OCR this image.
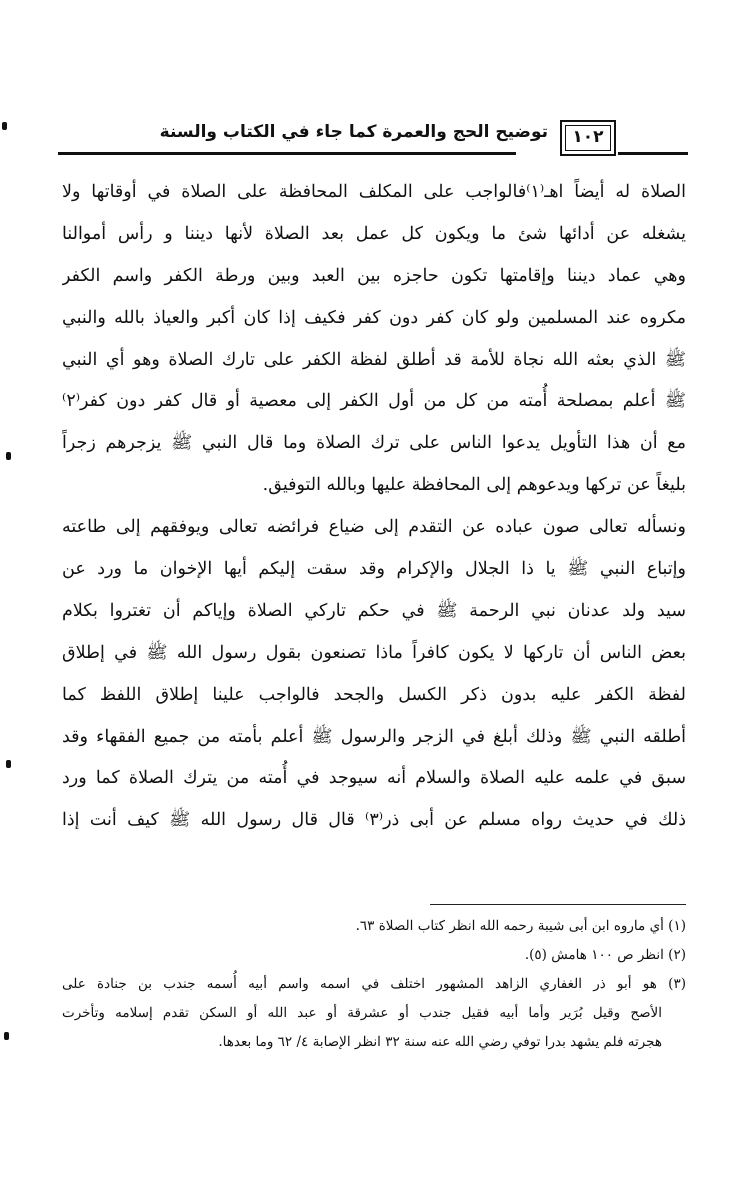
توضيح الحج والعمرة كما جاء في الكتاب والسنة	١٠٢
الصلاة له أيضاً اهـ⁽١⁾فالواجب على المكلف المحافظة على الصلاة في أوقاتها ولا
يشغله عن أدائها شئ ما ويكون كل عمل بعد الصلاة لأنها ديننا و رأس أموالنا
وهي عماد ديننا وإقامتها تكون حاجزه بين العبد وبين ورطة الكفر واسم الكفر
مكروه عند المسلمين ولو كان كفر دون كفر فكيف إذا كان أكبر والعياذ بالله والنبي
ﷺ الذي بعثه الله نجاة للأمة قد أطلق لفظة الكفر على تارك الصلاة وهو أي النبي
ﷺ أعلم بمصلحة أُمته من كل من أول الكفر إلى معصية أو قال كفر دون كفر⁽٢⁾
مع أن هذا التأويل يدعوا الناس على ترك الصلاة وما قال النبي ﷺ يزجرهم زجراً
بليغاً عن تركها ويدعوهم إلى المحافظة عليها وبالله التوفيق.
ونسأله تعالى صون عباده عن التقدم إلى ضياع فرائضه تعالى ويوفقهم إلى طاعته
وإتباع النبي ﷺ يا ذا الجلال والإكرام وقد سقت إليكم أيها الإخوان ما ورد عن
سيد ولد عدنان نبي الرحمة ﷺ في حكم تاركي الصلاة وإياكم أن تغتروا بكلام
بعض الناس أن تاركها لا يكون كافراً ماذا تصنعون بقول رسول الله ﷺ في إطلاق
لفظة الكفر عليه بدون ذكر الكسل والجحد فالواجب علينا إطلاق اللفظ كما
أطلقه النبي ﷺ وذلك أبلغ في الزجر والرسول ﷺ أعلم بأمته من جميع الفقهاء وقد
سبق في علمه عليه الصلاة والسلام أنه سيوجد في أُمته من يترك الصلاة كما ورد
ذلك في حديث رواه مسلم عن أبى ذر⁽٣⁾ قال قال رسول الله ﷺ كيف أنت إذا
(١) أي ماروه ابن أبى شيبة رحمه الله انظر كتاب الصلاة ٦٣.
(٢) انظر ص ١٠٠ هامش (٥).
(٣) هو أبو ذر الغفاري الزاهد المشهور اختلف في اسمه واسم أبيه أُسمه جندب بن جنادة على
الأصح وقيل بُرَير وأما أبيه فقيل جندب أو عشرقة أو عبد الله أو السكن تقدم إسلامه وتأخرت
هجرته فلم يشهد بدرا توفي رضي الله عنه سنة ٣٢ انظر الإصابة ٤/ ٦٢ وما بعدها.
